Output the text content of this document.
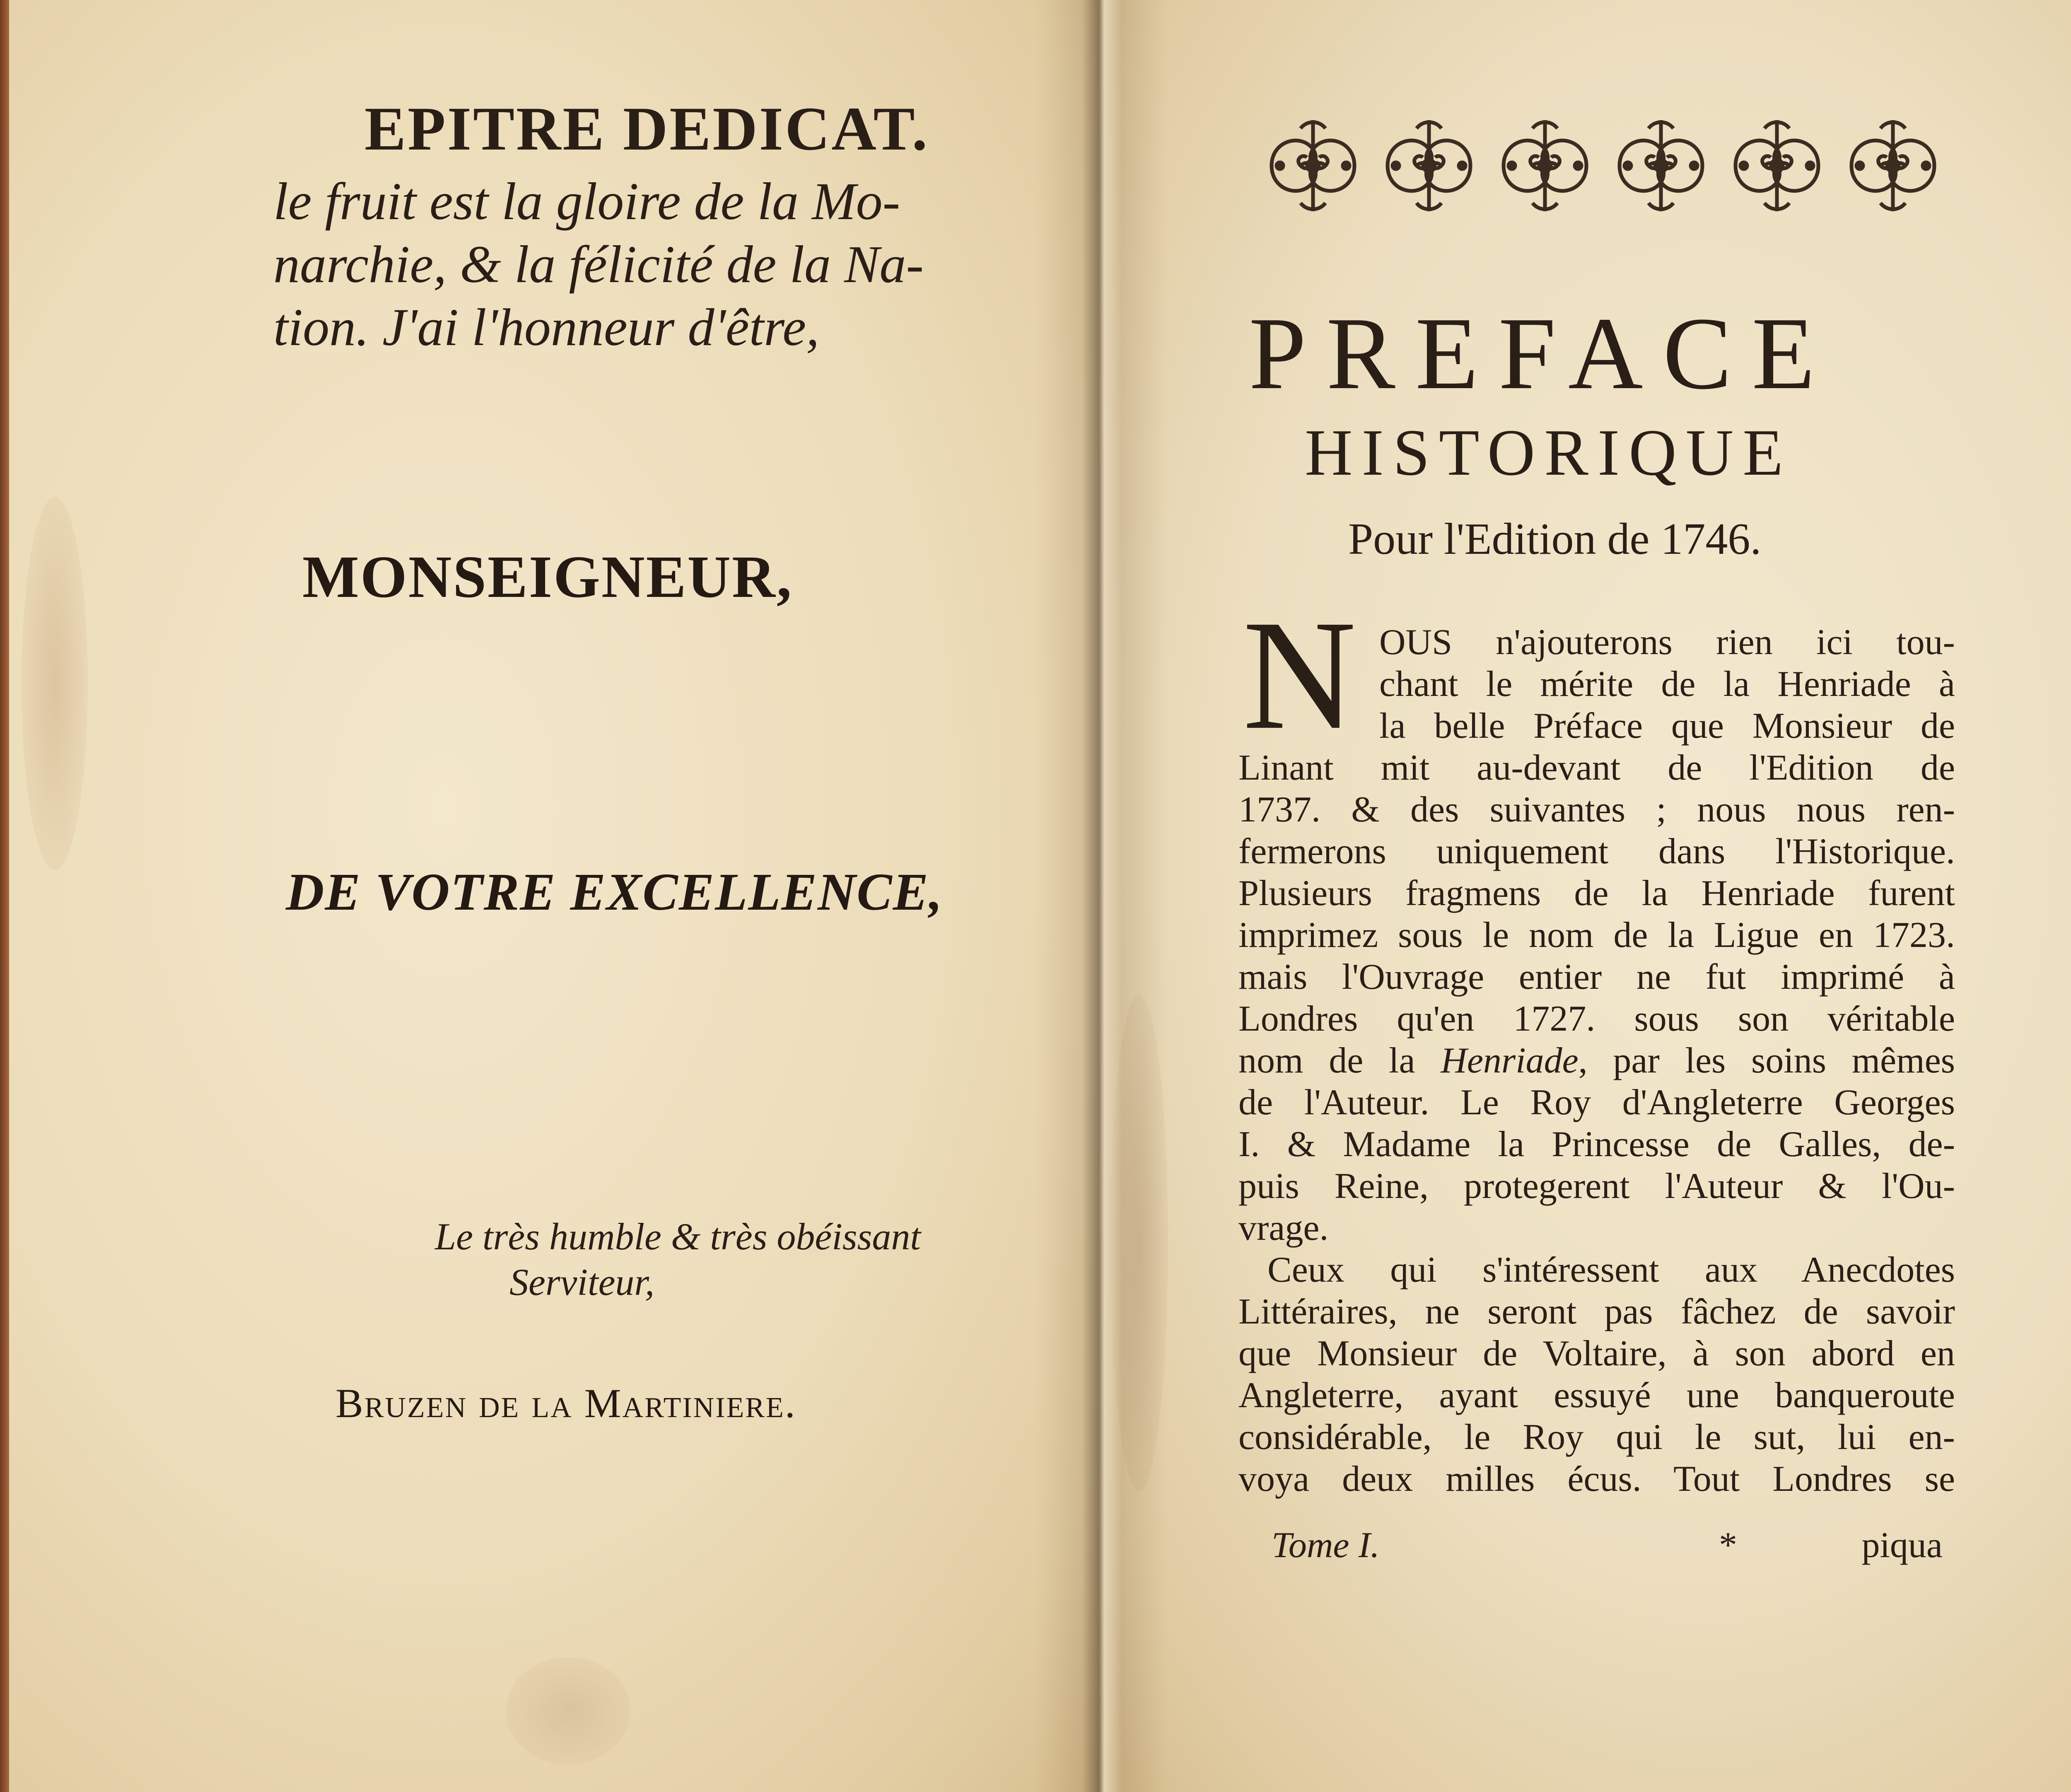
EPITRE DEDICAT.
le fruit est la gloire de la Mo-
narchie, & la félicité de la Na-
tion. J'ai l'honneur d'être,
MONSEIGNEUR,
DE VOTRE EXCELLENCE,
Le très humble & très obéissant
Serviteur,
Bruzen de la Martiniere.
PREFACE
HISTORIQUE
Pour l'Edition de 1746.
N OUS n'ajouterons rien ici tou-
chant le mérite de la Henriade à
la belle Préface que Monsieur de
Linant mit au-devant de l'Edition de
1737. & des suivantes ; nous nous ren-
fermerons uniquement dans l'Historique.
Plusieurs fragmens de la Henriade furent
imprimez sous le nom de la Ligue en 1723.
mais l'Ouvrage entier ne fut imprimé à
Londres qu'en 1727. sous son véritable
nom de la Henriade, par les soins mêmes
de l'Auteur. Le Roy d'Angleterre Georges
I. & Madame la Princesse de Galles, de-
puis Reine, protegerent l'Auteur & l'Ou-
vrage.
Ceux qui s'intéressent aux Anecdotes
Littéraires, ne seront pas fâchez de savoir
que Monsieur de Voltaire, à son abord en
Angleterre, ayant essuyé une banqueroute
considérable, le Roy qui le sut, lui en-
voya deux milles écus. Tout Londres se
Tome I.	*	piqua
